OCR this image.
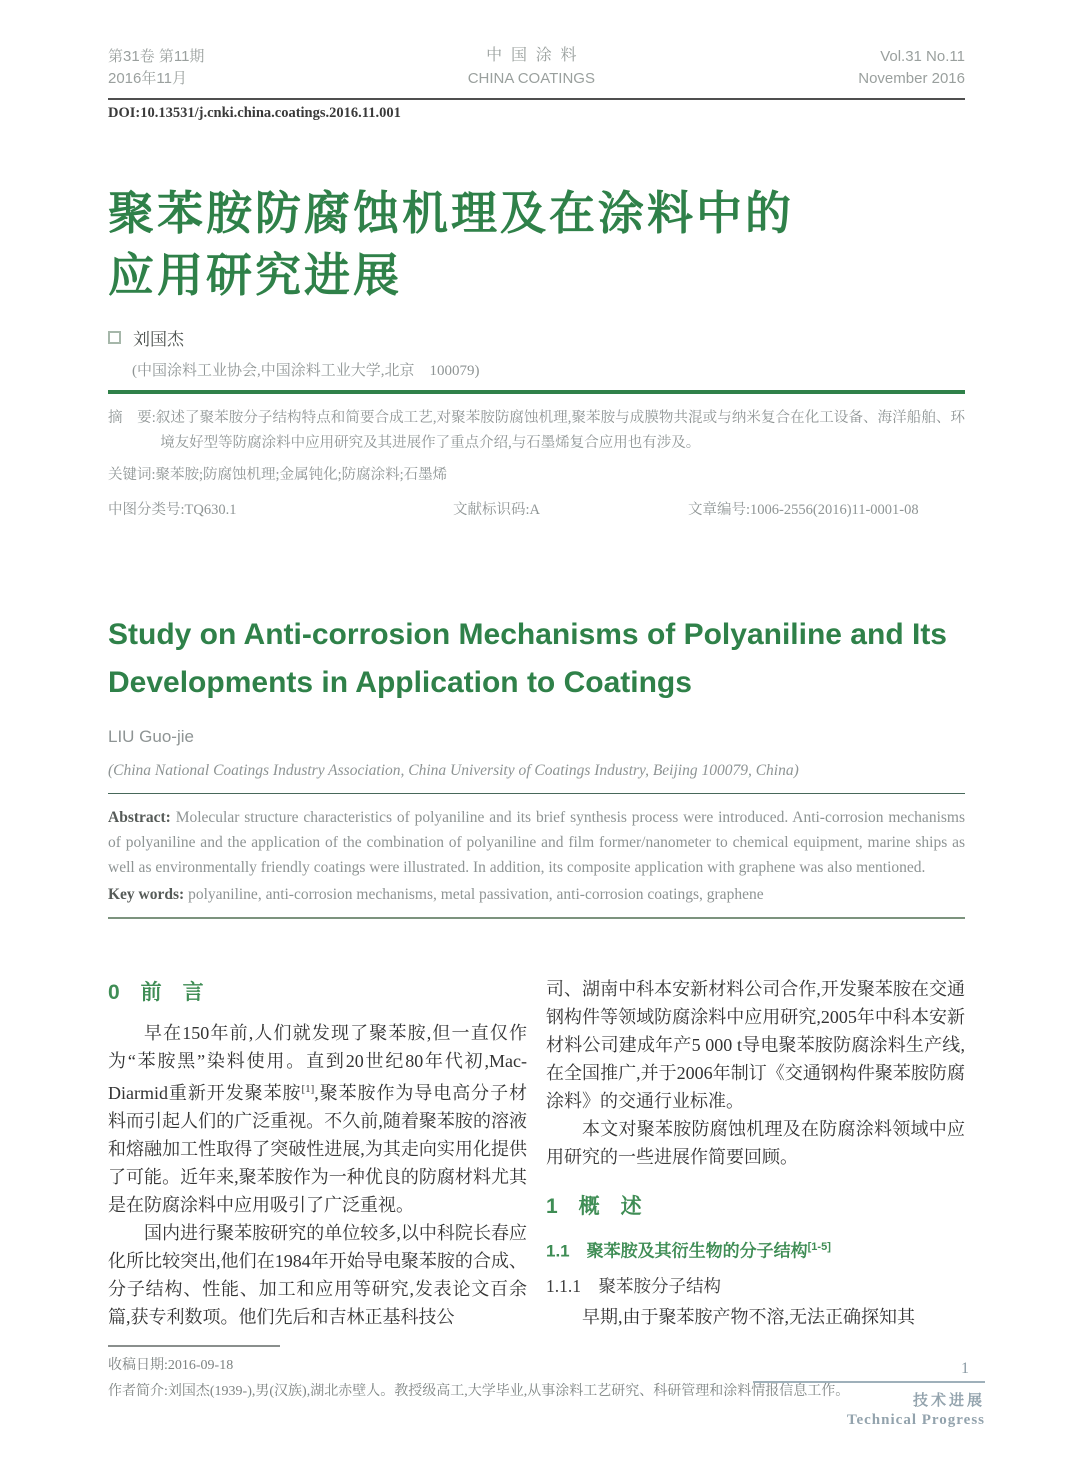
第31卷 第11期
2016年11月
中国涂料
CHINA COATINGS
Vol.31 No.11
November 2016
DOI:10.13531/j.cnki.china.coatings.2016.11.001
聚苯胺防腐蚀机理及在涂料中的
应用研究进展
刘国杰
(中国涂料工业协会,中国涂料工业大学,北京　100079)

摘　要:叙述了聚苯胺分子结构特点和简要合成工艺,对聚苯胺防腐蚀机理,聚苯胺与成膜物共混或与纳米复合在化工设备、海洋船舶、环境友好型等防腐涂料中应用研究及其进展作了重点介绍,与石墨烯复合应用也有涉及。

关键词:聚苯胺;防腐蚀机理;金属钝化;防腐涂料;石墨烯

中图分类号:TQ630.1	文献标识码:A	文章编号:1006-2556(2016)11-0001-08
Study on Anti-corrosion Mechanisms of Polyaniline and Its Developments in Application to Coatings
LIU Guo-jie
(China National Coatings Industry Association, China University of Coatings Industry, Beijing 100079, China)

Abstract: Molecular structure characteristics of polyaniline and its brief synthesis process were introduced. Anti-corrosion mechanisms of polyaniline and the application of the combination of polyaniline and film former/nanometer to chemical equipment, marine ships as well as environmentally friendly coatings were illustrated. In addition, its composite application with graphene was also mentioned.

Key words: polyaniline, anti-corrosion mechanisms, metal passivation, anti-corrosion coatings, graphene

0　前　言

早在150年前,人们就发现了聚苯胺,但一直仅作为“苯胺黑”染料使用。直到20世纪80年代初,Mac-Diarmid重新开发聚苯胺[1],聚苯胺作为导电高分子材料而引起人们的广泛重视。不久前,随着聚苯胺的溶液和熔融加工性取得了突破性进展,为其走向实用化提供了可能。近年来,聚苯胺作为一种优良的防腐材料尤其是在防腐涂料中应用吸引了广泛重视。

国内进行聚苯胺研究的单位较多,以中科院长春应化所比较突出,他们在1984年开始导电聚苯胺的合成、分子结构、性能、加工和应用等研究,发表论文百余篇,获专利数项。他们先后和吉林正基科技公

司、湖南中科本安新材料公司合作,开发聚苯胺在交通钢构件等领域防腐涂料中应用研究,2005年中科本安新材料公司建成年产5 000 t导电聚苯胺防腐涂料生产线,在全国推广,并于2006年制订《交通钢构件聚苯胺防腐涂料》的交通行业标准。

本文对聚苯胺防腐蚀机理及在防腐涂料领域中应用研究的一些进展作简要回顾。

1　概　述
1.1　聚苯胺及其衍生物的分子结构[1-5]
1.1.1　聚苯胺分子结构

早期,由于聚苯胺产物不溶,无法正确探知其

收稿日期:2016-09-18
作者简介:刘国杰(1939-),男(汉族),湖北赤壁人。教授级高工,大学毕业,从事涂料工艺研究、科研管理和涂料情报信息工作。
1
技术进展
Technical Progress
